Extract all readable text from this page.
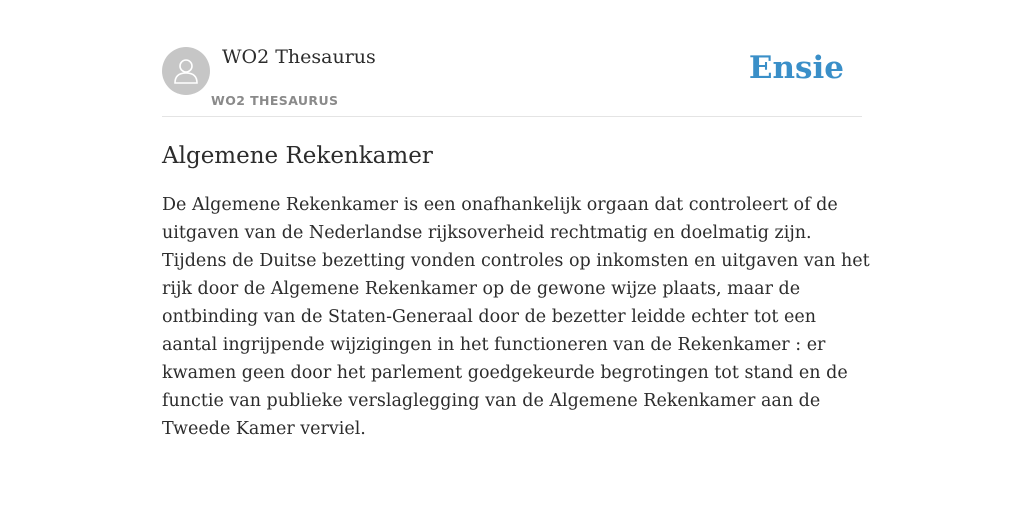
WO2 Thesaurus
WO2 THESAURUS
Ensie
Algemene Rekenkamer

De Algemene Rekenkamer is een onafhankelijk orgaan dat controleert of de uitgaven van de Nederlandse rijksoverheid rechtmatig en doelmatig zijn. Tijdens de Duitse bezetting vonden controles op inkomsten en uitgaven van het rijk door de Algemene Rekenkamer op de gewone wijze plaats, maar de ontbinding van de Staten-Generaal door de bezetter leidde echter tot een aantal ingrijpende wijzigingen in het functioneren van de Rekenkamer : er kwamen geen door het parlement goedgekeurde begrotingen tot stand en de functie van publieke verslaglegging van de Algemene Rekenkamer aan de Tweede Kamer verviel.
